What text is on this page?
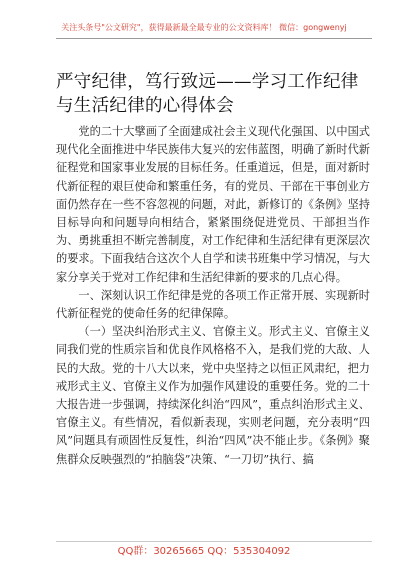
关注头条号"公文研究"，获得最新最全最专业的公文资料库！ 微信：gongwenyj
严守纪律，笃行致远——学习工作纪律与生活纪律的心得体会

党的二十大擘画了全面建成社会主义现代化强国、以中国式现代化全面推进中华民族伟大复兴的宏伟蓝图，明确了新时代新征程党和国家事业发展的目标任务。任重道远，但是，面对新时代新征程的艰巨使命和繁重任务，有的党员、干部在干事创业方面仍然存在一些不容忽视的问题，对此，新修订的《条例》坚持目标导向和问题导向相结合，紧紧围绕促进党员、干部担当作为、勇挑重担不断完善制度，对工作纪律和生活纪律有更深层次的要求。下面我结合这次个人自学和读书班集中学习情况，与大家分享关于党对工作纪律和生活纪律新的要求的几点心得。

一、深刻认识工作纪律是党的各项工作正常开展、实现新时代新征程党的使命任务的纪律保障。

（一）坚决纠治形式主义、官僚主义。形式主义、官僚主义同我们党的性质宗旨和优良作风格格不入，是我们党的大敌、人民的大敌。党的十八大以来，党中央坚持之以恒正风肃纪，把力戒形式主义、官僚主义作为加强作风建设的重要任务。党的二十大报告进一步强调，持续深化纠治“四风”，重点纠治形式主义、官僚主义。有些情况，看似新表现，实则老问题，充分表明“四风”问题具有顽固性反复性，纠治“四风”决不能止步。《条例》聚焦群众反映强烈的“拍脑袋”决策、“一刀切”执行、搞

QQ群：30265665 QQ：535304092
